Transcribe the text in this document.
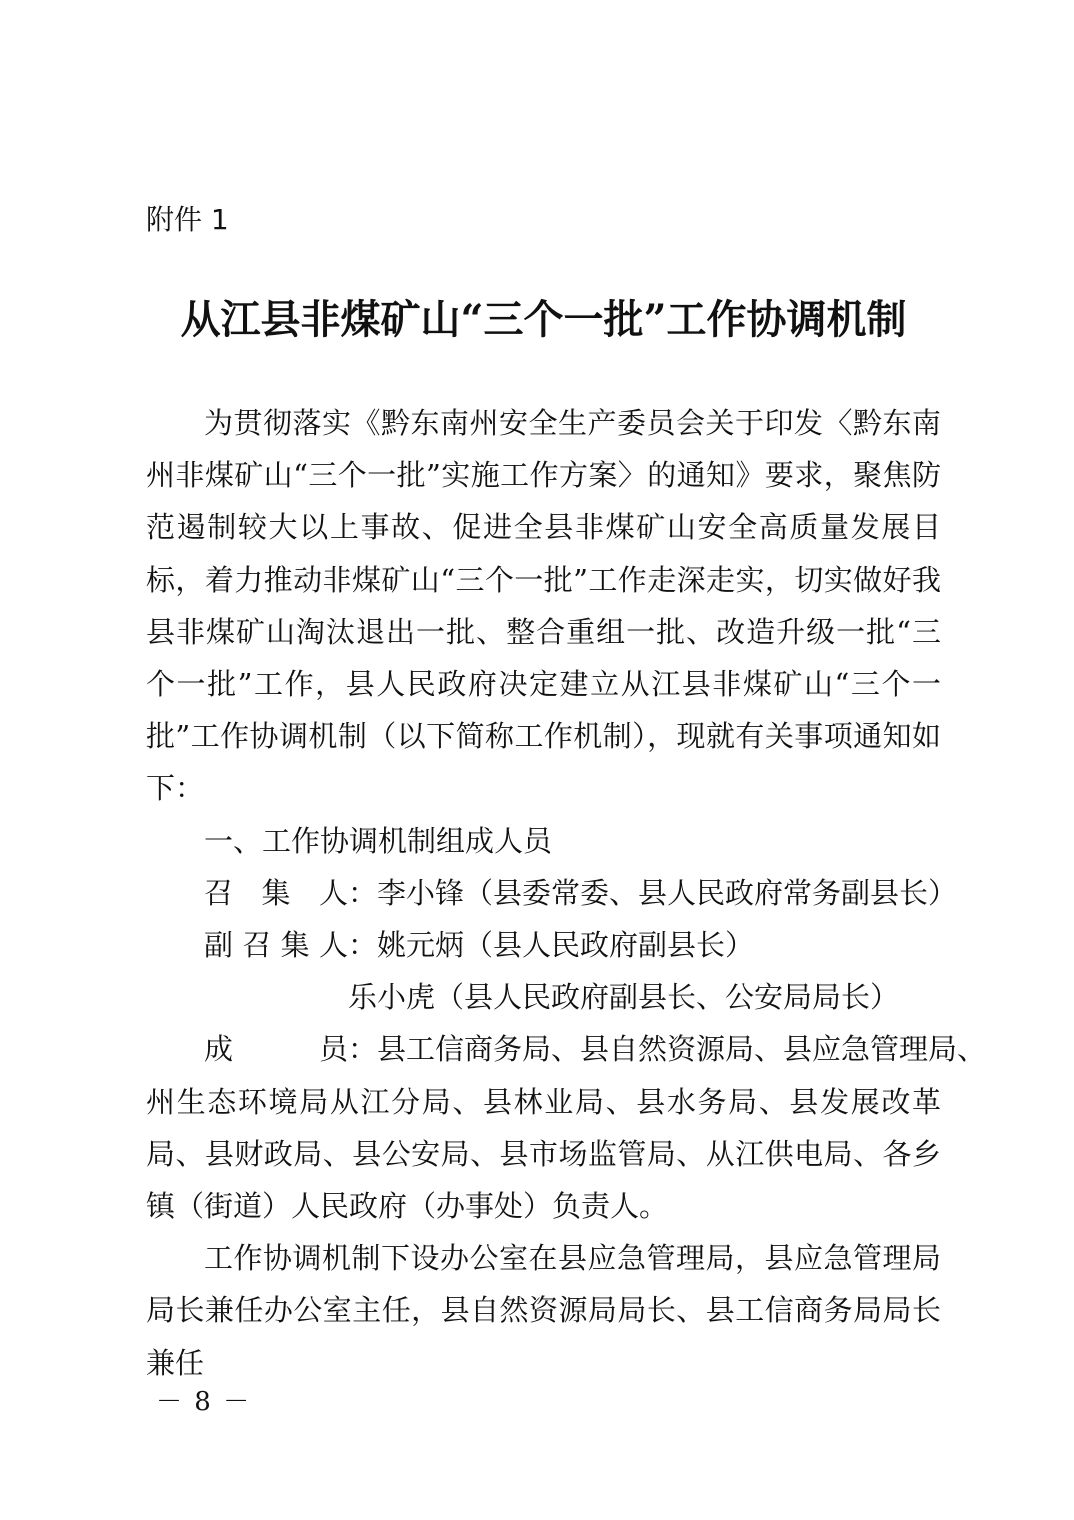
附件 1
从江县非煤矿山“三个一批”工作协调机制

为贯彻落实《黔东南州安全生产委员会关于印发〈黔东南州非煤矿山“三个一批”实施工作方案〉的通知》要求，聚焦防范遏制较大以上事故、促进全县非煤矿山安全高质量发展目标，着力推动非煤矿山“三个一批”工作走深走实，切实做好我县非煤矿山淘汰退出一批、整合重组一批、改造升级一批“三个一批”工作，县人民政府决定建立从江县非煤矿山“三个一批”工作协调机制（以下简称工作机制），现就有关事项通知如下：

一、工作协调机制组成人员

召 集 人 ： 李小锋（县委常委、县人民政府常务副县长）
副 召 集 人 ： 姚元炳（县人民政府副县长）
乐小虎（县人民政府副县长、公安局局长）
成	员 ： 县工信商务局、县自然资源局、县应急管理局、

州生态环境局从江分局、县林业局、县水务局、县发展改革局、县财政局、县公安局、县市场监管局、从江供电局、各乡镇（街道）人民政府（办事处）负责人。

工作协调机制下设办公室在县应急管理局，县应急管理局局长兼任办公室主任，县自然资源局局长、县工信商务局局长兼任

－ 8 －
